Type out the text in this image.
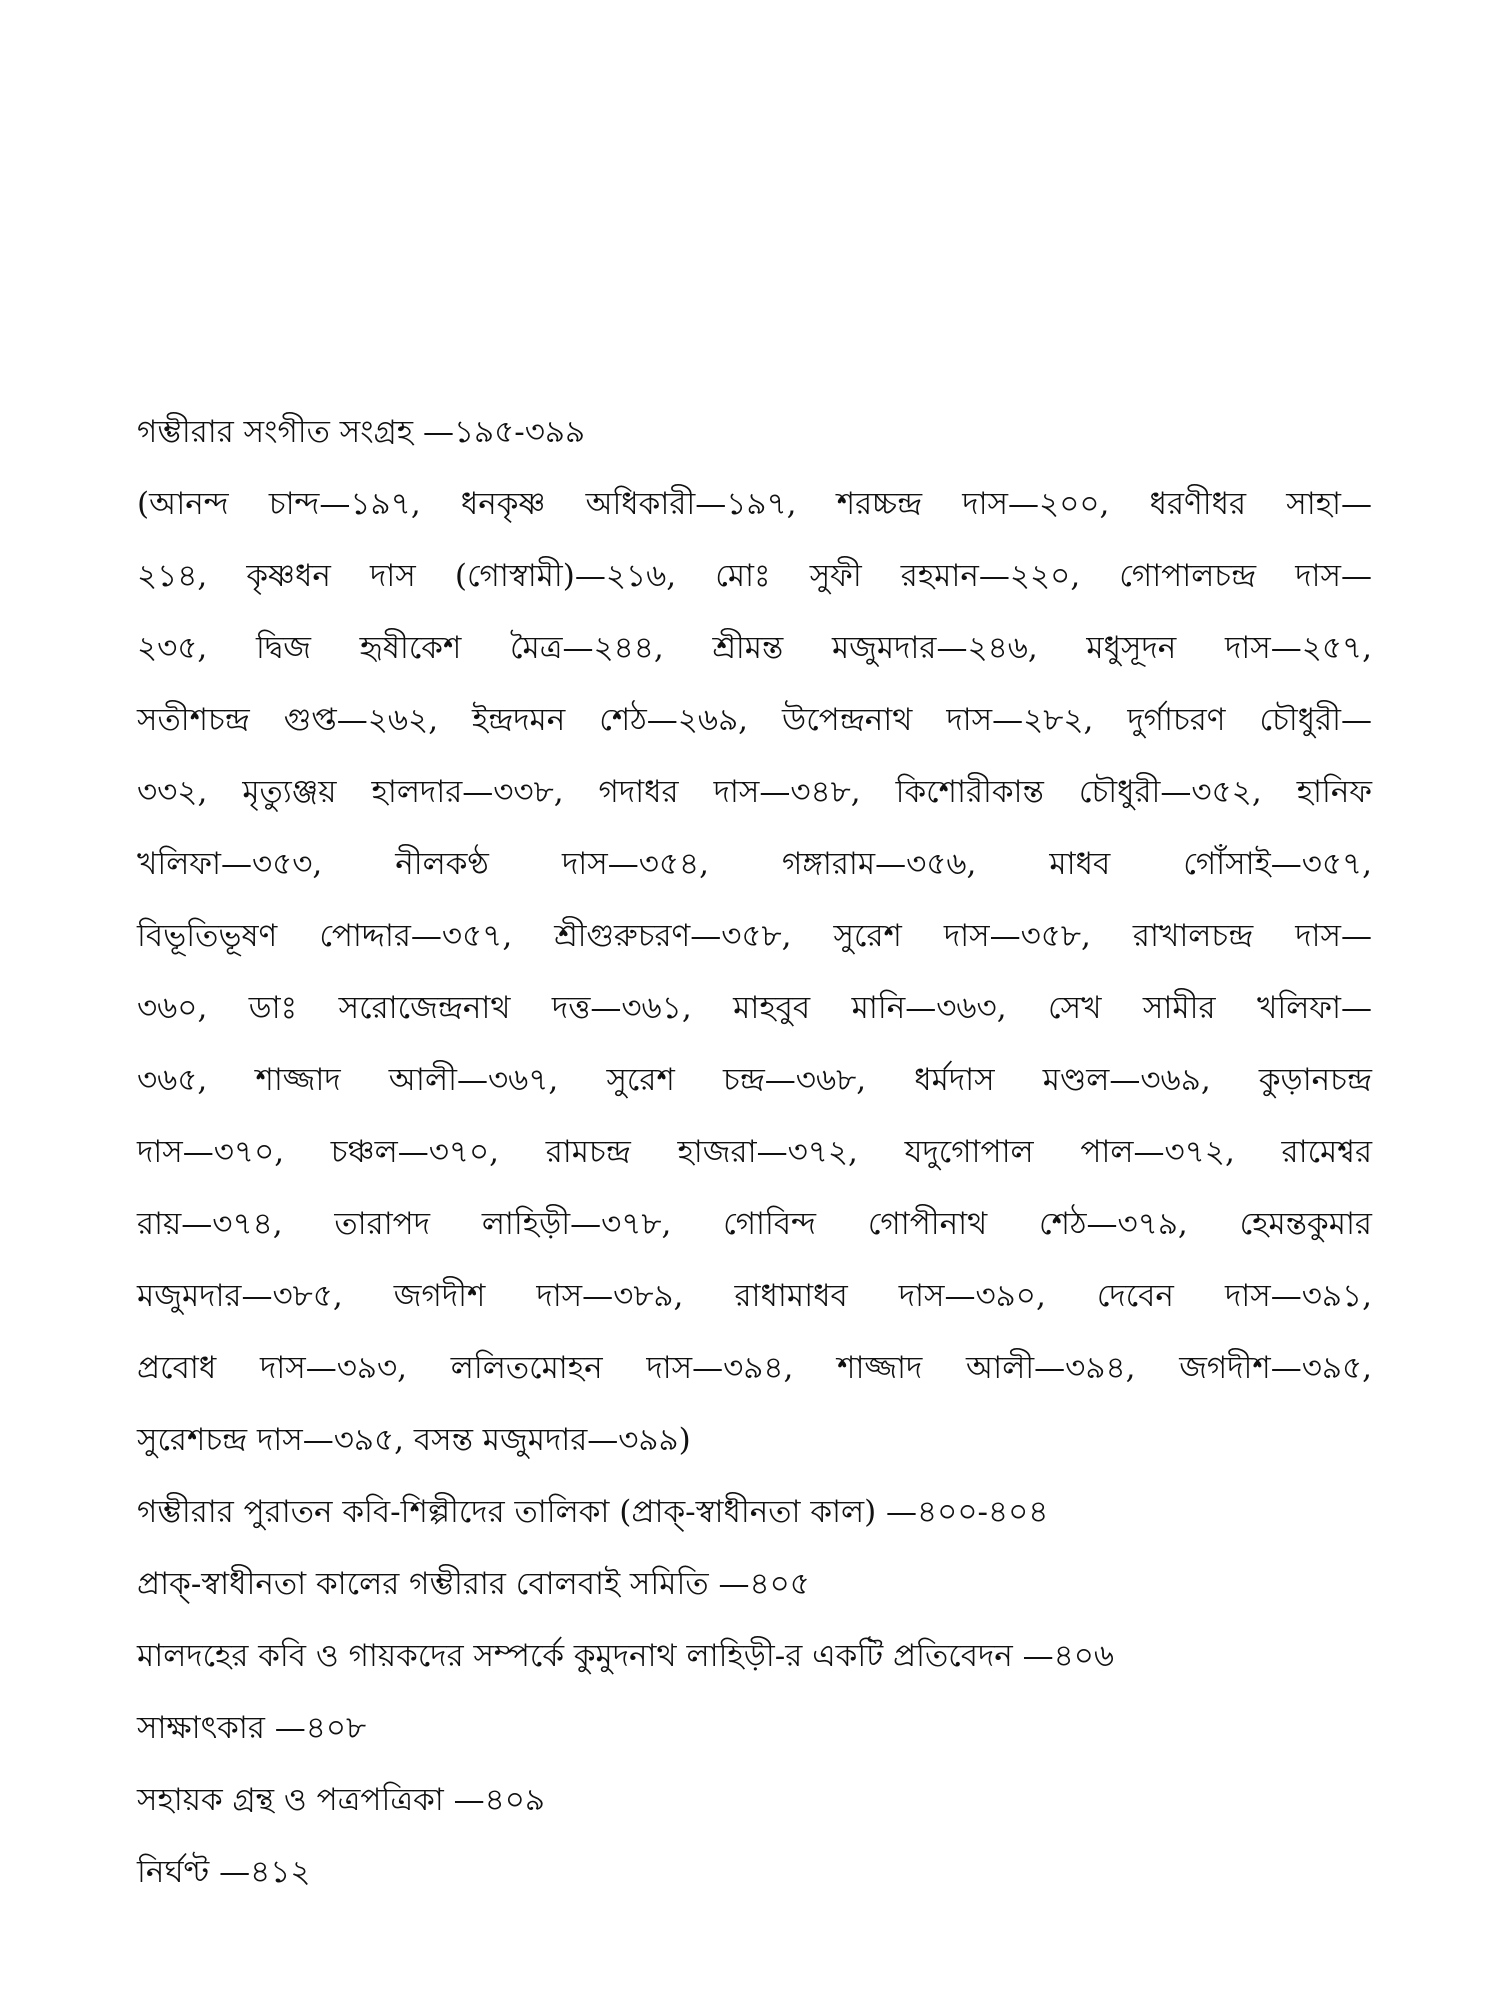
গম্ভীরার সংগীত সংগ্রহ —১৯৫-৩৯৯

(আনন্দ চান্দ—১৯৭, ধনকৃষ্ণ অধিকারী—১৯৭, শরচ্চন্দ্র দাস—২০০, ধরণীধর সাহা—
২১৪, কৃষ্ণধন দাস (গোস্বামী)—২১৬, মোঃ সুফী রহমান—২২০, গোপালচন্দ্র দাস—
২৩৫, দ্বিজ হৃষীকেশ মৈত্র—২৪৪, শ্রীমন্ত মজুমদার—২৪৬, মধুসূদন দাস—২৫৭,
সতীশচন্দ্র গুপ্ত—২৬২, ইন্দ্রদমন শেঠ—২৬৯, উপেন্দ্রনাথ দাস—২৮২, দুর্গাচরণ চৌধুরী—
৩৩২, মৃত্যুঞ্জয় হালদার—৩৩৮, গদাধর দাস—৩৪৮, কিশোরীকান্ত চৌধুরী—৩৫২, হানিফ
খলিফা—৩৫৩, নীলকণ্ঠ দাস—৩৫৪, গঙ্গারাম—৩৫৬, মাধব গোঁসাই—৩৫৭,
বিভূতিভূষণ পোদ্দার—৩৫৭, শ্রীগুরুচরণ—৩৫৮, সুরেশ দাস—৩৫৮, রাখালচন্দ্র দাস—
৩৬০, ডাঃ সরোজেন্দ্রনাথ দত্ত—৩৬১, মাহবুব মানি—৩৬৩, সেখ সামীর খলিফা—
৩৬৫, শাজ্জাদ আলী—৩৬৭, সুরেশ চন্দ্র—৩৬৮, ধর্মদাস মণ্ডল—৩৬৯, কুড়ানচন্দ্র
দাস—৩৭০, চঞ্চল—৩৭০, রামচন্দ্র হাজরা—৩৭২, যদুগোপাল পাল—৩৭২, রামেশ্বর
রায়—৩৭৪, তারাপদ লাহিড়ী—৩৭৮, গোবিন্দ গোপীনাথ শেঠ—৩৭৯, হেমন্তকুমার
মজুমদার—৩৮৫, জগদীশ দাস—৩৮৯, রাধামাধব দাস—৩৯০, দেবেন দাস—৩৯১,
প্রবোধ দাস—৩৯৩, ললিতমোহন দাস—৩৯৪, শাজ্জাদ আলী—৩৯৪, জগদীশ—৩৯৫,
সুরেশচন্দ্র দাস—৩৯৫, বসন্ত মজুমদার—৩৯৯)

গম্ভীরার পুরাতন কবি-শিল্পীদের তালিকা (প্রাক্-স্বাধীনতা কাল) —৪০০-৪০৪

প্রাক্-স্বাধীনতা কালের গম্ভীরার বোলবাই সমিতি —৪০৫

মালদহের কবি ও গায়কদের সম্পর্কে কুমুদনাথ লাহিড়ী-র একটি প্রতিবেদন —৪০৬

সাক্ষাৎকার —৪০৮

সহায়ক গ্রন্থ ও পত্রপত্রিকা —৪০৯

নির্ঘণ্ট —৪১২
